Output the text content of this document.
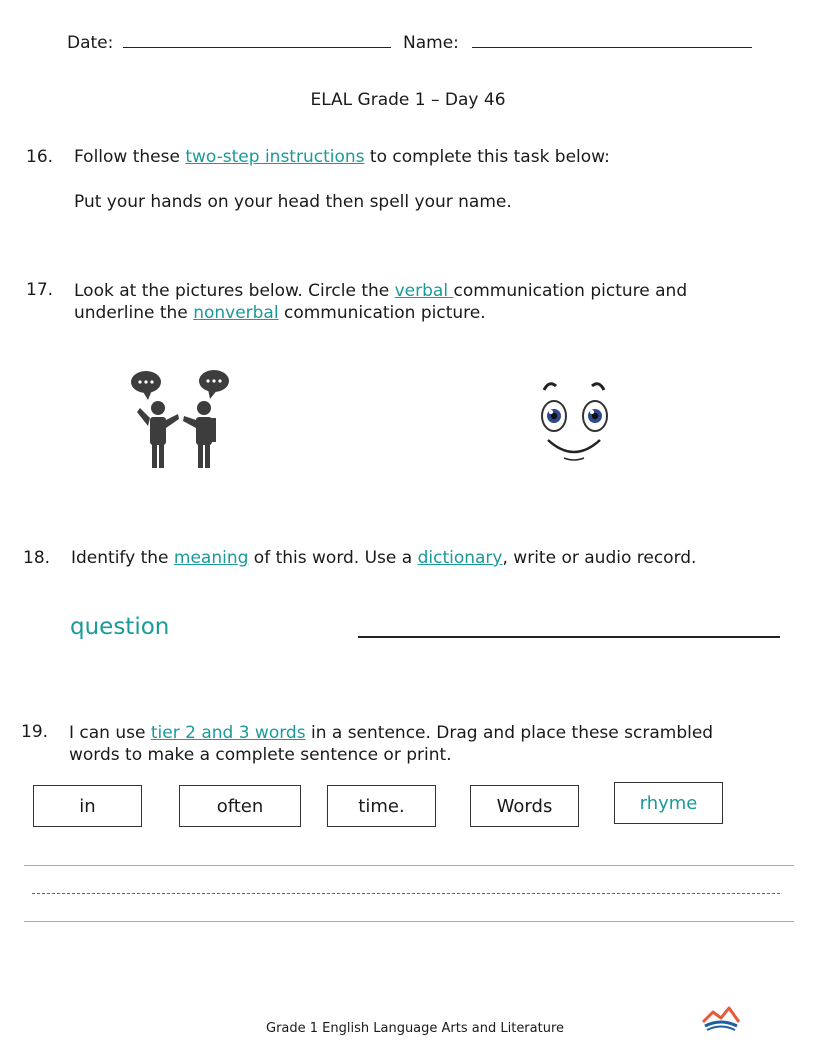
Date:	Name:
ELAL Grade 1 – Day 46
16. Follow these two-step instructions to complete this task below:
Put your hands on your head then spell your name.
17. Look at the pictures below. Circle the verbal communication picture and
underline the nonverbal communication picture.
18. Identify the meaning of this word. Use a dictionary, write or audio record.
question
19. I can use tier 2 and 3 words in a sentence. Drag and place these scrambled
words to make a complete sentence or print.
in	often	time.	Words	rhyme
Grade 1 English Language Arts and Literature
